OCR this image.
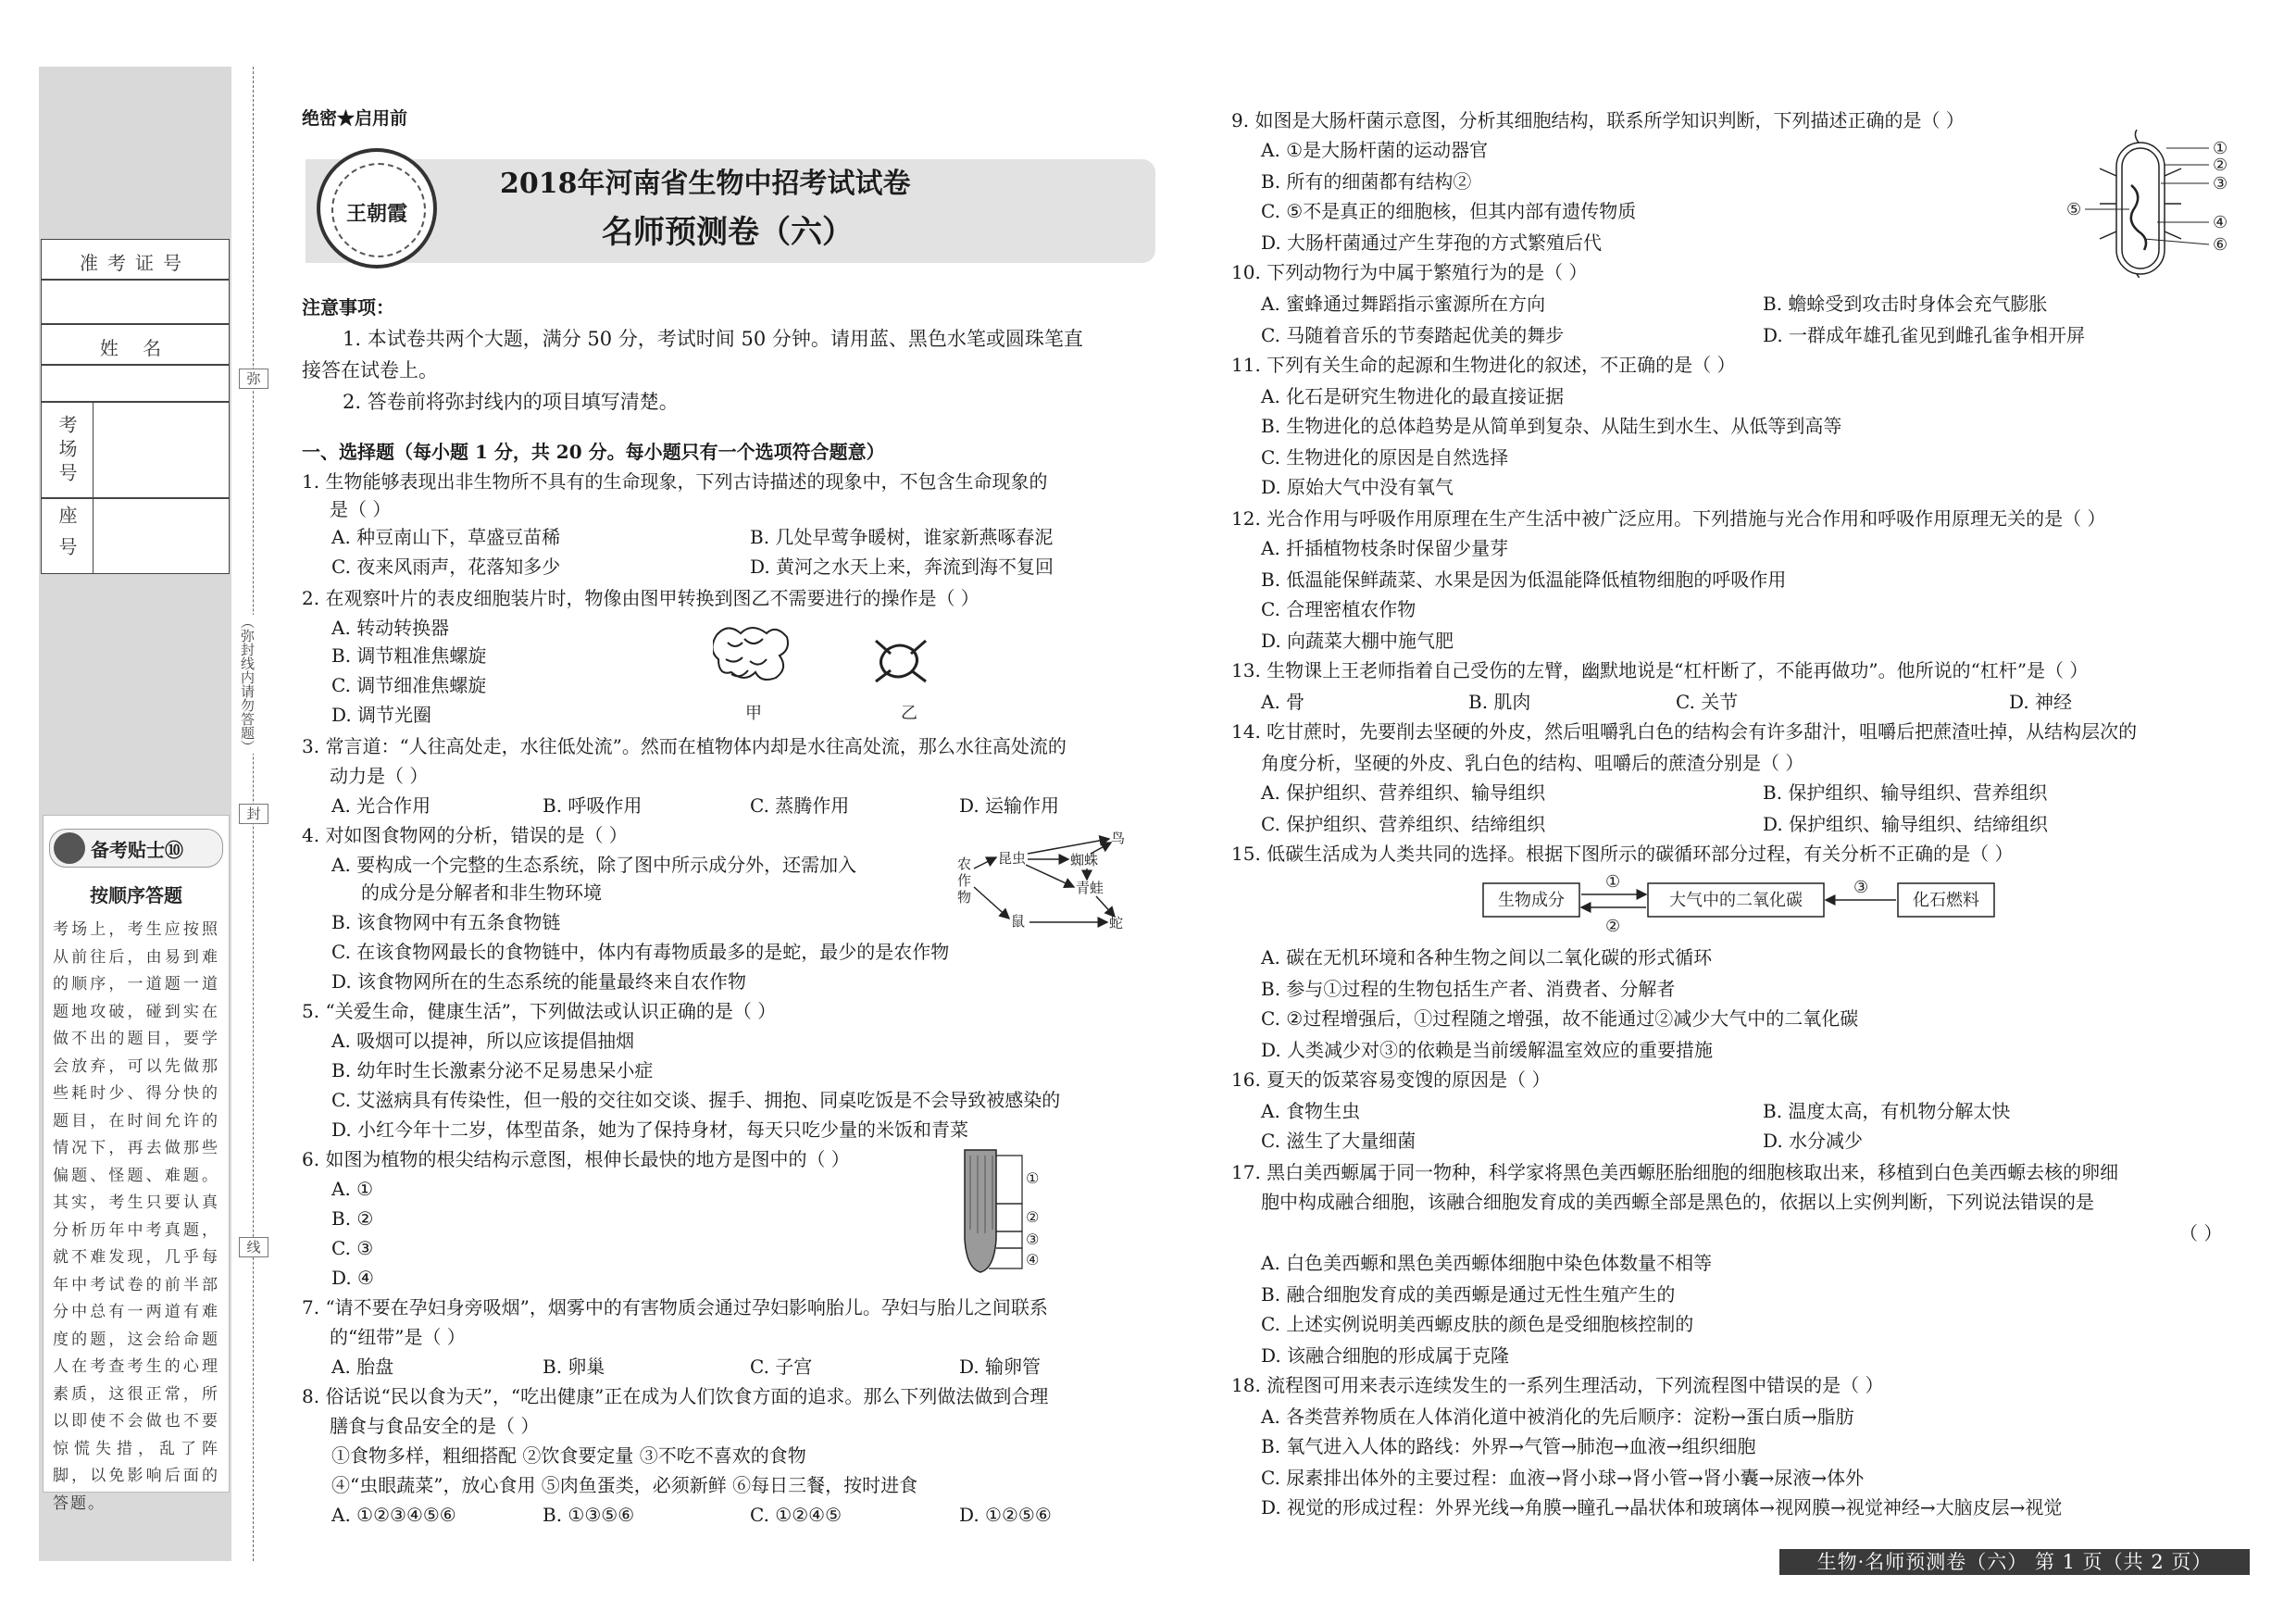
准考证号
姓 名
考场号
座号
弥
封
线
（弥封线内请勿答题）
备考贴士⑩
按顺序答题
考场上，考生应按照从前往后，由易到难的顺序，一道题一道题地攻破，碰到实在做不出的题目，要学会放弃，可以先做那些耗时少、得分快的题目，在时间允许的情况下，再去做那些偏题、怪题、难题。其实，考生只要认真分析历年中考真题，就不难发现，几乎每年中考试卷的前半部分中总有一两道有难度的题，这会给命题人在考查考生的心理素质，这很正常，所以即使不会做也不要惊慌失措，乱了阵脚，以免影响后面的答题。
绝密★启用前
王朝霞
2018年河南省生物中招考试试卷
名师预测卷（六）
注意事项：
1. 本试卷共两个大题，满分 50 分，考试时间 50 分钟。请用蓝、黑色水笔或圆珠笔直
接答在试卷上。
2. 答卷前将弥封线内的项目填写清楚。
一、选择题（每小题 1 分，共 20 分。每小题只有一个选项符合题意）
1. 生物能够表现出非生物所不具有的生命现象，下列古诗描述的现象中，不包含生命现象的
是（ ）
A. 种豆南山下，草盛豆苗稀	B. 几处早莺争暖树，谁家新燕啄春泥
C. 夜来风雨声，花落知多少	D. 黄河之水天上来，奔流到海不复回
2. 在观察叶片的表皮细胞装片时，物像由图甲转换到图乙不需要进行的操作是（ ）
A. 转动转换器
B. 调节粗准焦螺旋
C. 调节细准焦螺旋
D. 调节光圈	甲	乙
3. 常言道：“人往高处走，水往低处流”。然而在植物体内却是水往高处流，那么水往高处流的
动力是（ ）
A. 光合作用	B. 呼吸作用	C. 蒸腾作用	D. 运输作用
4. 对如图食物网的分析，错误的是（ ）
A. 要构成一个完整的生态系统，除了图中所示成分外，还需加入
的成分是分解者和非生物环境
B. 该食物网中有五条食物链
C. 在该食物网最长的食物链中，体内有毒物质最多的是蛇，最少的是农作物
D. 该食物网所在的生态系统的能量最终来自农作物
农
作
物
昆虫	蜘蛛
鸟
青蛙
鼠	蛇
5. “关爱生命，健康生活”，下列做法或认识正确的是（ ）
A. 吸烟可以提神，所以应该提倡抽烟
B. 幼年时生长激素分泌不足易患呆小症
C. 艾滋病具有传染性，但一般的交往如交谈、握手、拥抱、同桌吃饭是不会导致被感染的
D. 小红今年十二岁，体型苗条，她为了保持身材，每天只吃少量的米饭和青菜
6. 如图为植物的根尖结构示意图，根伸长最快的地方是图中的（ ）
A. ①
B. ②
C. ③
D. ④
①
②
③
④
7. “请不要在孕妇身旁吸烟”，烟雾中的有害物质会通过孕妇影响胎儿。孕妇与胎儿之间联系
的“纽带”是（ ）
A. 胎盘	B. 卵巢	C. 子宫	D. 输卵管
8. 俗话说“民以食为天”，“吃出健康”正在成为人们饮食方面的追求。那么下列做法做到合理
膳食与食品安全的是（ ）
①食物多样，粗细搭配 ②饮食要定量 ③不吃不喜欢的食物
④“虫眼蔬菜”，放心食用 ⑤肉鱼蛋类，必须新鲜 ⑥每日三餐，按时进食
A. ①②③④⑤⑥	B. ①③⑤⑥	C. ①②④⑤	D. ①②⑤⑥
9. 如图是大肠杆菌示意图，分析其细胞结构，联系所学知识判断，下列描述正确的是（ ）
A. ①是大肠杆菌的运动器官
B. 所有的细菌都有结构②
C. ⑤不是真正的细胞核，但其内部有遗传物质
D. 大肠杆菌通过产生芽孢的方式繁殖后代
①
②
③
④
⑥
⑤
10. 下列动物行为中属于繁殖行为的是（ ）
A. 蜜蜂通过舞蹈指示蜜源所在方向	B. 蟾蜍受到攻击时身体会充气膨胀
C. 马随着音乐的节奏踏起优美的舞步	D. 一群成年雄孔雀见到雌孔雀争相开屏
11. 下列有关生命的起源和生物进化的叙述，不正确的是（ ）
A. 化石是研究生物进化的最直接证据
B. 生物进化的总体趋势是从简单到复杂、从陆生到水生、从低等到高等
C. 生物进化的原因是自然选择
D. 原始大气中没有氧气
12. 光合作用与呼吸作用原理在生产生活中被广泛应用。下列措施与光合作用和呼吸作用原理无关的是（ ）
A. 扦插植物枝条时保留少量芽
B. 低温能保鲜蔬菜、水果是因为低温能降低植物细胞的呼吸作用
C. 合理密植农作物
D. 向蔬菜大棚中施气肥
13. 生物课上王老师指着自己受伤的左臂，幽默地说是“杠杆断了，不能再做功”。他所说的“杠杆”是（ ）
A. 骨	B. 肌肉	C. 关节	D. 神经
14. 吃甘蔗时，先要削去坚硬的外皮，然后咀嚼乳白色的结构会有许多甜汁，咀嚼后把蔗渣吐掉，从结构层次的
角度分析，坚硬的外皮、乳白色的结构、咀嚼后的蔗渣分别是（ ）
A. 保护组织、营养组织、输导组织	B. 保护组织、输导组织、营养组织
C. 保护组织、营养组织、结缔组织	D. 保护组织、输导组织、结缔组织
15. 低碳生活成为人类共同的选择。根据下图所示的碳循环部分过程，有关分析不正确的是（ ）
生物成分	大气中的二氧化碳	化石燃料
①
②
③
A. 碳在无机环境和各种生物之间以二氧化碳的形式循环
B. 参与①过程的生物包括生产者、消费者、分解者
C. ②过程增强后，①过程随之增强，故不能通过②减少大气中的二氧化碳
D. 人类减少对③的依赖是当前缓解温室效应的重要措施
16. 夏天的饭菜容易变馊的原因是（ ）
A. 食物生虫	B. 温度太高，有机物分解太快
C. 滋生了大量细菌	D. 水分减少
17. 黑白美西螈属于同一物种，科学家将黑色美西螈胚胎细胞的细胞核取出来，移植到白色美西螈去核的卵细
胞中构成融合细胞，该融合细胞发育成的美西螈全部是黑色的，依据以上实例判断，下列说法错误的是
（ ）
A. 白色美西螈和黑色美西螈体细胞中染色体数量不相等
B. 融合细胞发育成的美西螈是通过无性生殖产生的
C. 上述实例说明美西螈皮肤的颜色是受细胞核控制的
D. 该融合细胞的形成属于克隆
18. 流程图可用来表示连续发生的一系列生理活动，下列流程图中错误的是（ ）
A. 各类营养物质在人体消化道中被消化的先后顺序：淀粉→蛋白质→脂肪
B. 氧气进入人体的路线：外界→气管→肺泡→血液→组织细胞
C. 尿素排出体外的主要过程：血液→肾小球→肾小管→肾小囊→尿液→体外
D. 视觉的形成过程：外界光线→角膜→瞳孔→晶状体和玻璃体→视网膜→视觉神经→大脑皮层→视觉
生物·名师预测卷（六） 第 1 页（共 2 页）
